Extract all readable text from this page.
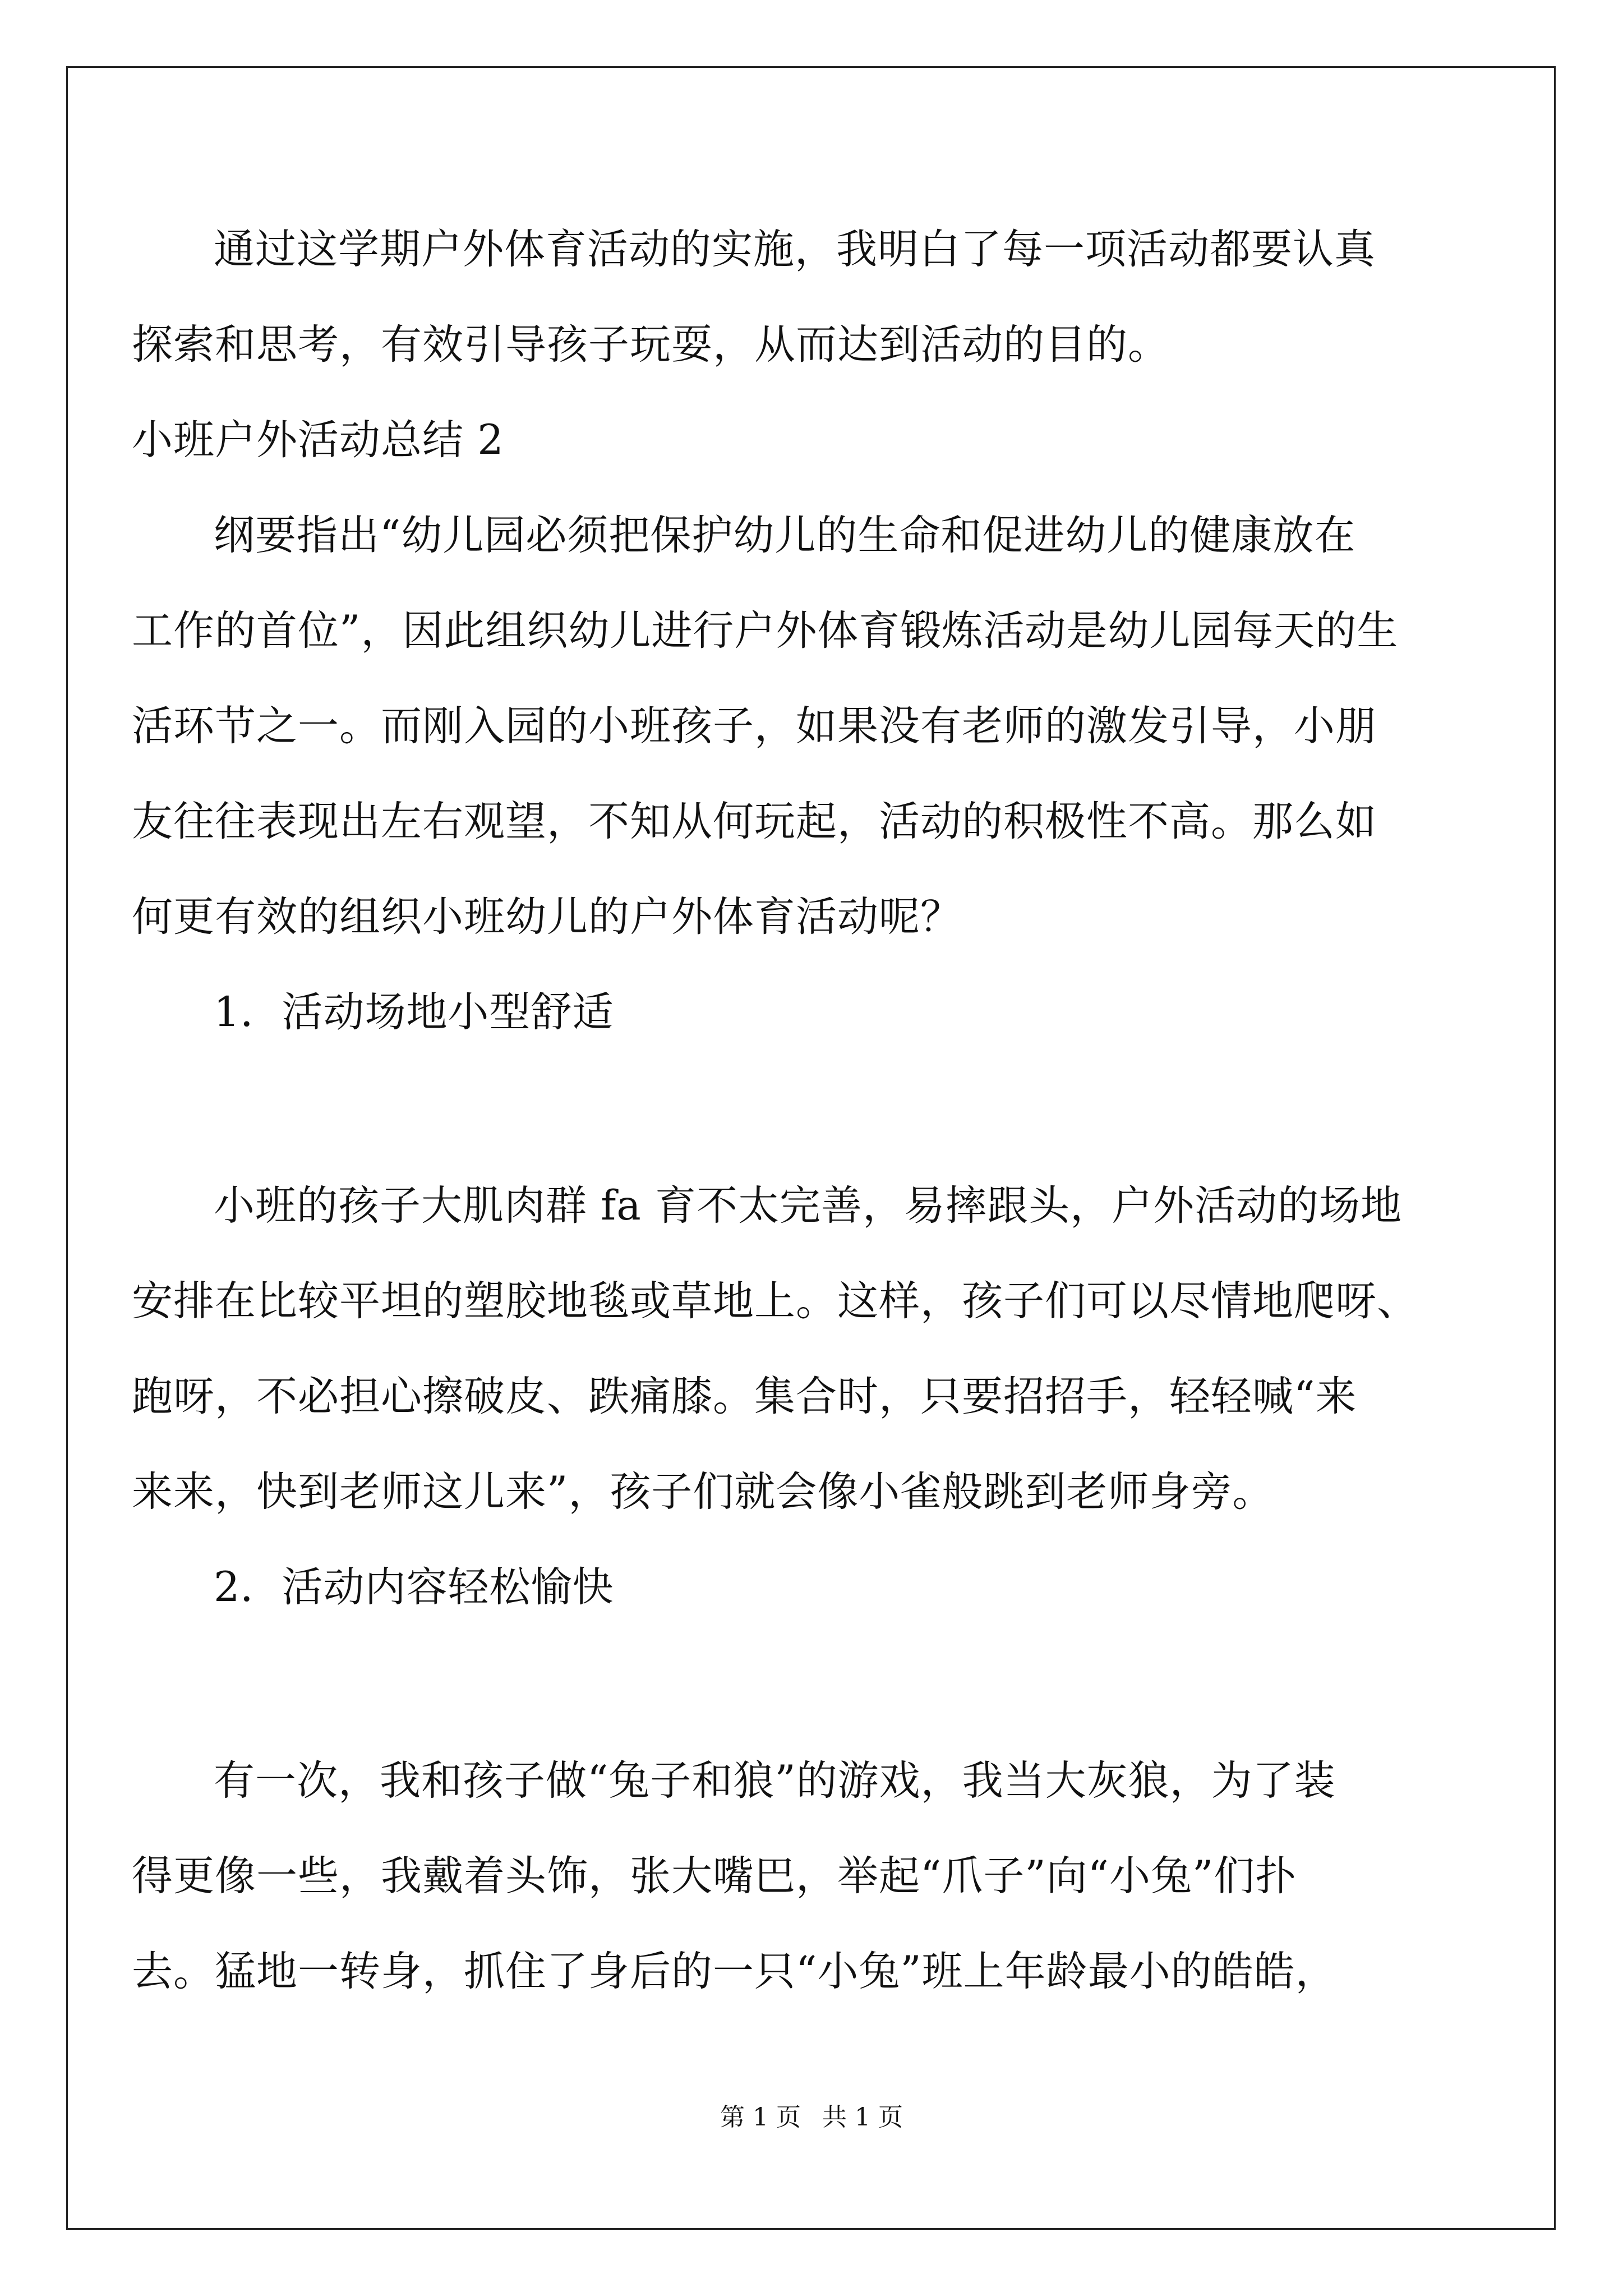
通过这学期户外体育活动的实施，我明白了每一项活动都要认真
探索和思考，有效引导孩子玩耍，从而达到活动的目的。
小班户外活动总结 2
纲要指出“幼儿园必须把保护幼儿的生命和促进幼儿的健康放在
工作的首位”，因此组织幼儿进行户外体育锻炼活动是幼儿园每天的生
活环节之一。而刚入园的小班孩子，如果没有老师的激发引导，小朋
友往往表现出左右观望，不知从何玩起，活动的积极性不高。那么如
何更有效的组织小班幼儿的户外体育活动呢？
1．活动场地小型舒适
小班的孩子大肌肉群 fa 育不太完善，易摔跟头，户外活动的场地
安排在比较平坦的塑胶地毯或草地上。这样，孩子们可以尽情地爬呀、
跑呀，不必担心擦破皮、跌痛膝。集合时，只要招招手，轻轻喊“来
来来，快到老师这儿来”，孩子们就会像小雀般跳到老师身旁。
2．活动内容轻松愉快
有一次，我和孩子做“兔子和狼”的游戏，我当大灰狼，为了装
得更像一些，我戴着头饰，张大嘴巴，举起“爪子”向“小兔”们扑
去。猛地一转身，抓住了身后的一只“小兔”班上年龄最小的皓皓，
第 1 页 共 1 页
